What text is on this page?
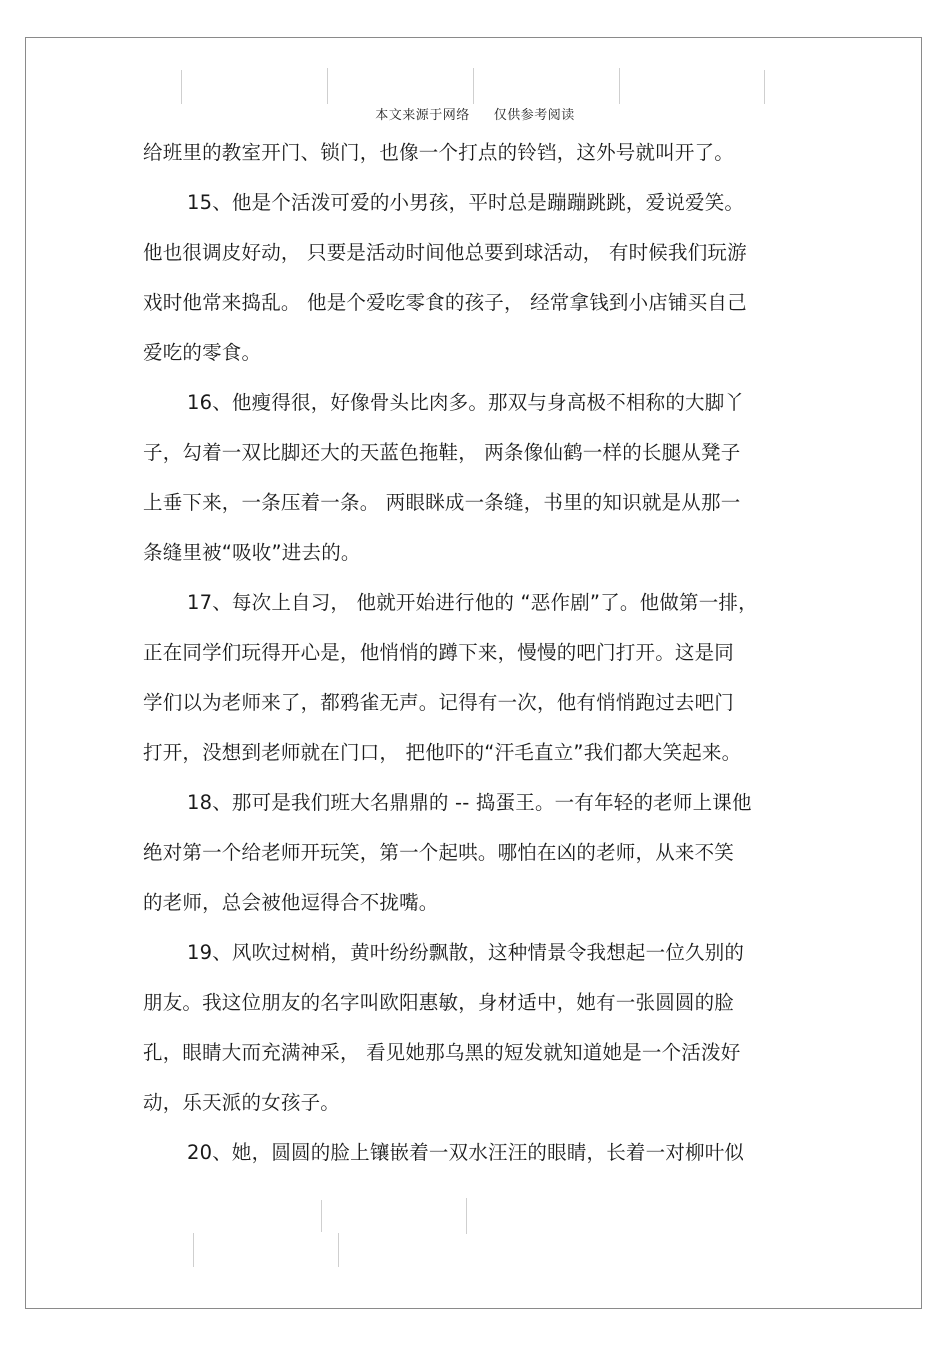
本文来源于网络 仅供参考阅读
给班里的教室开门、锁门，也像一个打点的铃铛，这外号就叫开了。
15、他是个活泼可爱的小男孩，平时总是蹦蹦跳跳，爱说爱笑。
他也很调皮好动， 只要是活动时间他总要到球活动， 有时候我们玩游
戏时他常来捣乱。 他是个爱吃零食的孩子， 经常拿钱到小店铺买自己
爱吃的零食。
16、他瘦得很，好像骨头比肉多。那双与身高极不相称的大脚丫
子，勾着一双比脚还大的天蓝色拖鞋， 两条像仙鹤一样的长腿从凳子
上垂下来，一条压着一条。 两眼眯成一条缝，书里的知识就是从那一
条缝里被“吸收”进去的。
17、每次上自习， 他就开始进行他的 “恶作剧”了。他做第一排，
正在同学们玩得开心是，他悄悄的蹲下来，慢慢的吧门打开。这是同
学们以为老师来了，都鸦雀无声。记得有一次，他有悄悄跑过去吧门
打开，没想到老师就在门口， 把他吓的“汗毛直立”我们都大笑起来。
18、那可是我们班大名鼎鼎的 -- 捣蛋王。一有年轻的老师上课他
绝对第一个给老师开玩笑，第一个起哄。哪怕在凶的老师，从来不笑
的老师，总会被他逗得合不拢嘴。
19、风吹过树梢，黄叶纷纷飘散，这种情景令我想起一位久别的
朋友。我这位朋友的名字叫欧阳惠敏，身材适中，她有一张圆圆的脸
孔，眼睛大而充满神采， 看见她那乌黑的短发就知道她是一个活泼好
动，乐天派的女孩子。
20、她，圆圆的脸上镶嵌着一双水汪汪的眼睛，长着一对柳叶似
